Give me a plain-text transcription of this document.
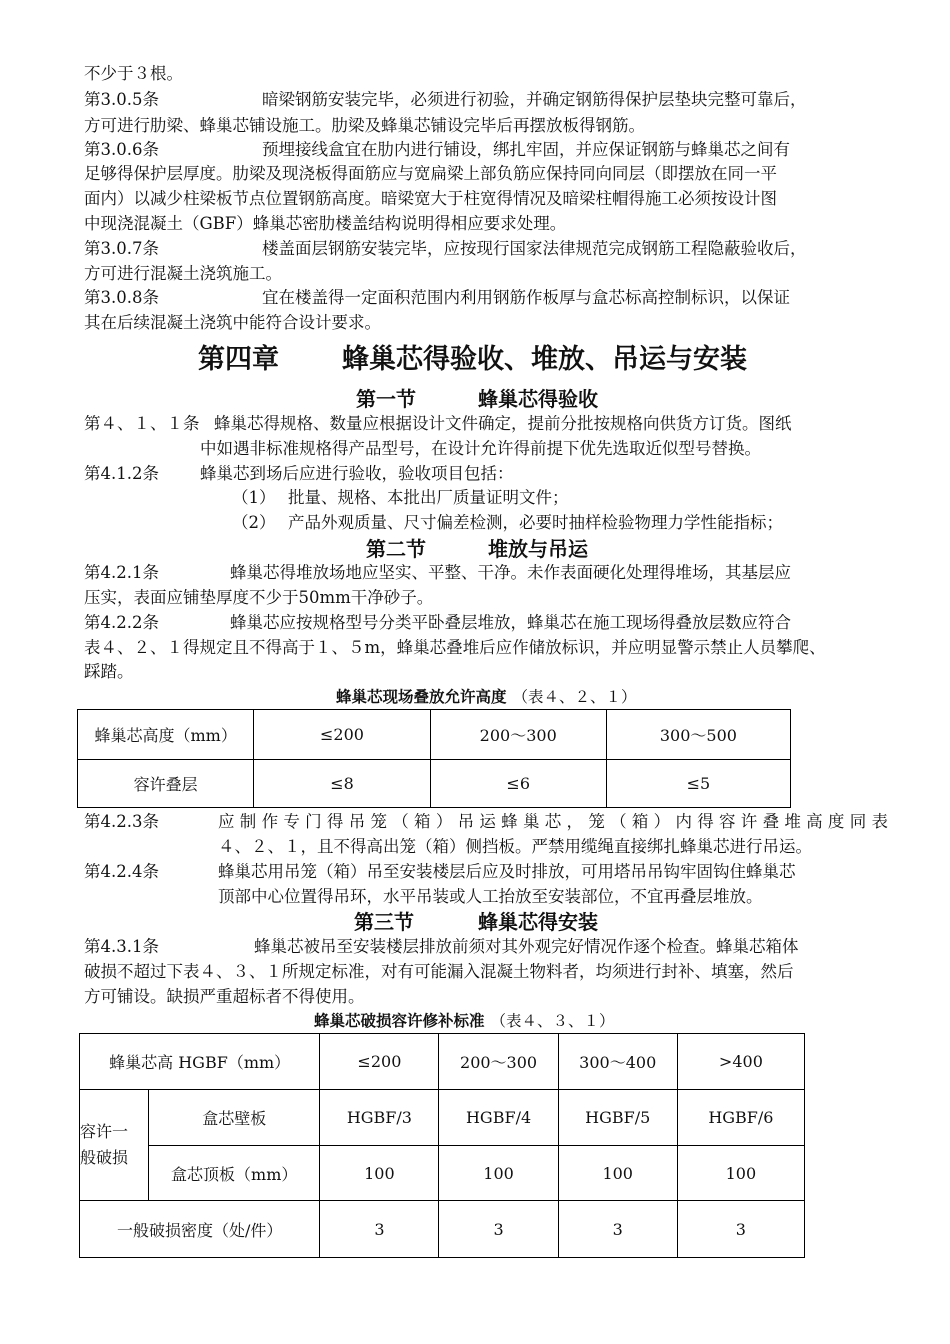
不少于３根。
第3.0.5条	暗梁钢筋安装完毕，必须进行初验，并确定钢筋得保护层垫块完整可靠后，
方可进行肋梁、蜂巢芯铺设施工。肋梁及蜂巢芯铺设完毕后再摆放板得钢筋。
第3.0.6条	预埋接线盒宜在肋内进行铺设，绑扎牢固，并应保证钢筋与蜂巢芯之间有
足够得保护层厚度。肋梁及现浇板得面筋应与宽扁梁上部负筋应保持同向同层（即摆放在同一平
面内）以减少柱梁板节点位置钢筋高度。暗梁宽大于柱宽得情况及暗梁柱帽得施工必须按设计图
中现浇混凝土（GBF）蜂巢芯密肋楼盖结构说明得相应要求处理。
第3.0.7条	楼盖面层钢筋安装完毕，应按现行国家法律规范完成钢筋工程隐蔽验收后，
方可进行混凝土浇筑施工。
第3.0.8条	宜在楼盖得一定面积范围内利用钢筋作板厚与盒芯标高控制标识，以保证
其在后续混凝土浇筑中能符合设计要求。
第四章 蜂巢芯得验收、堆放、吊运与安装
第一节	蜂巢芯得验收
第４、１、１条 蜂巢芯得规格、数量应根据设计文件确定，提前分批按规格向供货方订货。图纸
中如遇非标准规格得产品型号，在设计允许得前提下优先选取近似型号替换。
第4.1.2条 蜂巢芯到场后应进行验收，验收项目包括：
（1） 批量、规格、本批出厂质量证明文件；
（2） 产品外观质量、尺寸偏差检测，必要时抽样检验物理力学性能指标；
第二节	堆放与吊运
第4.2.1条	蜂巢芯得堆放场地应坚实、平整、干净。未作表面硬化处理得堆场，其基层应
压实，表面应铺垫厚度不少于50mm干净砂子。
第4.2.2条	蜂巢芯应按规格型号分类平卧叠层堆放，蜂巢芯在施工现场得叠放层数应符合
表４、２、１得规定且不得高于１、５m，蜂巢芯叠堆后应作储放标识，并应明显警示禁止人员攀爬、
踩踏。
蜂巢芯现场叠放允许高度 （表４、２、１）
蜂巢芯高度（mm）	≤200	200～300	300～500
容许叠层	≤8	≤6	≤5
第4.2.3条	应制作专门得吊笼（箱）吊运蜂巢芯，笼（箱）内得容许叠堆高度同表
４、２、１，且不得高出笼（箱）侧挡板。严禁用缆绳直接绑扎蜂巢芯进行吊运。
第4.2.4条	蜂巢芯用吊笼（箱）吊至安装楼层后应及时排放，可用塔吊吊钩牢固钩住蜂巢芯
顶部中心位置得吊环，水平吊装或人工抬放至安装部位，不宜再叠层堆放。
第三节	蜂巢芯得安装
第4.3.1条	蜂巢芯被吊至安装楼层排放前须对其外观完好情况作逐个检查。蜂巢芯箱体
破损不超过下表４、３、１所规定标准，对有可能漏入混凝土物料者，均须进行封补、填塞，然后
方可铺设。缺损严重超标者不得使用。
蜂巢芯破损容许修补标准 （表４、３、１）
蜂巢芯高 HGBF（mm）		≤200	200～300	300～400	>400

容许一
般破损	盒芯壁板	HGBF/3	HGBF/4	HGBF/5	HGBF/6
	盒芯顶板（mm）	100	100	100	100
一般破损密度（处/件）		3	3	3	3
